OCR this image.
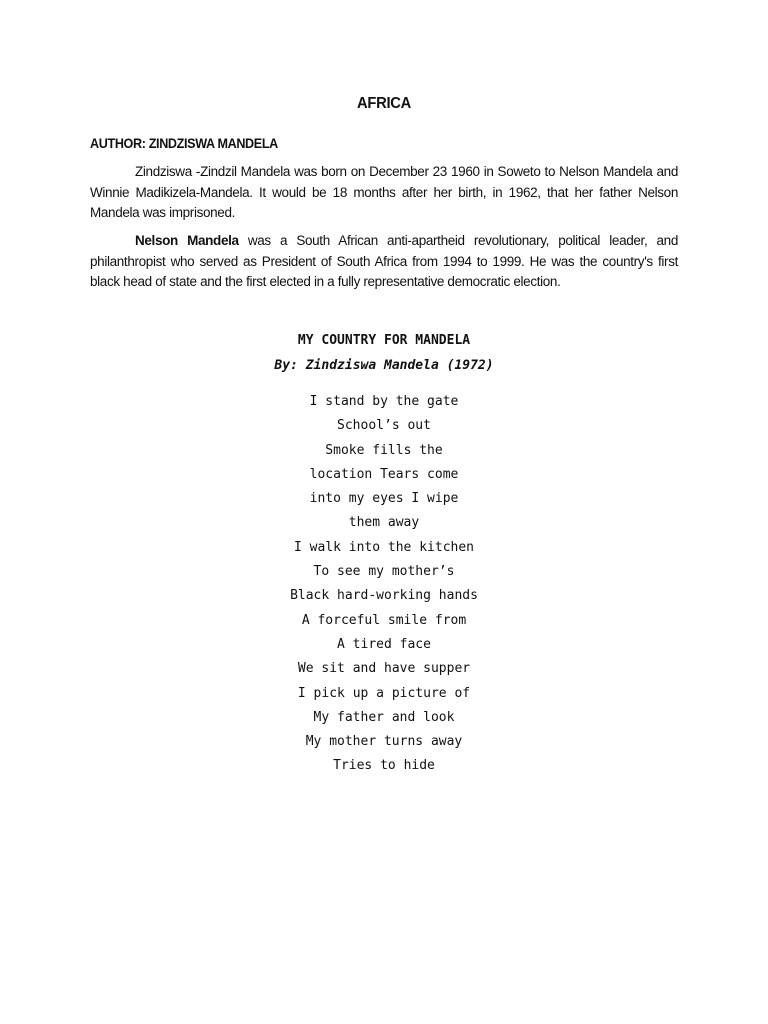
AFRICA
AUTHOR: ZINDZISWA MANDELA

Zindziswa -Zindzil Mandela was born on December 23 1960 in Soweto to Nelson Mandela and Winnie Madikizela-Mandela. It would be 18 months after her birth, in 1962, that her father Nelson Mandela was imprisoned.

Nelson Mandela was a South African anti-apartheid revolutionary, political leader, and philanthropist who served as President of South Africa from 1994 to 1999. He was the country's first black head of state and the first elected in a fully representative democratic election.

MY COUNTRY FOR MANDELA
By: Zindziswa Mandela (1972)
I stand by the gate
School’s out
Smoke fills the
location Tears come
into my eyes I wipe
them away
I walk into the kitchen
To see my mother’s
Black hard-working hands
A forceful smile from
A tired face
We sit and have supper
I pick up a picture of
My father and look
My mother turns away
Tries to hide
